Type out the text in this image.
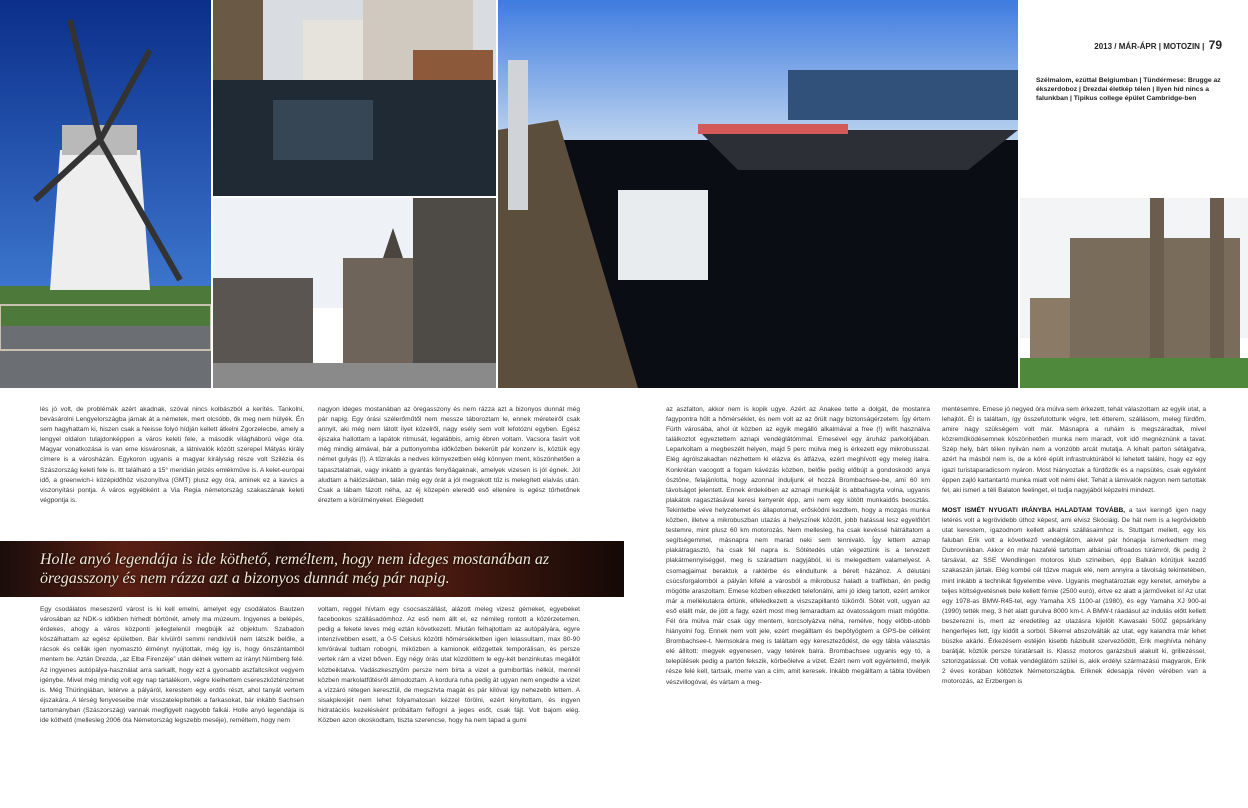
2013 / MÁR-ÁPR | MOTOZIN | 79
Szélmalom, ezúttal Belgiumban | Tündérmese: Brugge az ékszerdoboz | Drezdai életkép télen | Ilyen híd nincs a falunkban | Tipikus college épület Cambridge-ben

lés jó volt, de problémák azért akadnak, szóval nincs kolbászból a kerítés. Tankolni, bevásárolni Lengyelországba járnak át a németek, mert olcsóbb, ők meg nem hülyék. Én sem hagyhattam ki, hiszen csak a Neisse folyó hídján kellett átkelni Zgorzelecbe, amely a lengyel oldalon tulajdonképpen a város keleti fele, a második világháború vége óta. Magyar vonatkozása is van eme kisvárosnak, a látnivalók között szerepel Mátyás király címere is a városházán. Egykoron ugyanis a magyar királyság része volt Szilézia és Szászország keleti fele is. Itt található a 15° meridián jelzés emlékműve is. A kelet-európai idő, a greenwich-i középidőhöz viszonyítva (GMT) plusz egy óra, aminek ez a kavics a viszonyítási pontja. A város egyébként a Via Regia németország szakaszának keleti végpontja is.

nagyon ideges mostanában az öregasszony és nem rázza azt a bizonyos dunnát még pár napig. Egy órási szélerőműtől nem messze táboroztam le, ennek méreteiről csak annyit, aki még nem látott ilyet közelről, nagy esély sem volt lefotózni egyben. Egész éjszaka hallottam a lapátok ritmusát, legalábbis, amíg ébren voltam. Vacsora fasírt volt még mindig almával, bár a puttonyomba időközben bekerült pár konzerv is, köztük egy német gulyás (!). A tűzrakás a nedves környezetben elég könnyen ment, köszönhetően a tapasztalatnak, vagy inkább a gyantás fenyőágaknak, amelyek vizesen is jól égnek. Jól aludtam a hálózsákban, talán még egy órát a jól megrakott tűz is melegített elalvás után. Csak a lábam fázott néha, az éj közepén eleredő eső ellenére is egész tűrhetőnek éreztem a körülményeket. Elégedett

Holle anyó legendája is ide köthető, reméltem, hogy nem ideges mostanában az öregasszony és nem rázza azt a bizonyos dunnát még pár napig.

Egy csodálatos meseszerű várost is ki kell emelni, amelyet egy csodálatos Bautzen városában az NDK-s időkben hírhedt börtönét, amely ma múzeum. Ingyenes a belépés, érdekes, ahogy a város központi jellegtelenül megbújik az objektum. Szabadon kószálhattam az egész épületben. Bár kívülről semmi rendkívüli nem látszik belőle, a rácsok és cellák igen nyomasztó élményt nyújtottak, még így is, hogy önszántamból mentem be. Aztán Drezda, „az Elba Firenzéje” után délnek vettem az irányt Nürnberg felé. Az ingyenes autópálya-használat arra sarkallt, hogy ezt a gyorsabb aszfaltcsíkot vegyem igénybe. Mivel még mindig volt egy nap tartalékom, végre kielhettem csereszközténzömet is. Még Thüringiában, letérve a pályáról, kerestem egy erdős részt, ahol tanyát vertem éjszakára. A térség fenyveseibe már visszatelepítették a farkasokat, bár inkább Sachsen tartományban (Szászország) vannak megfigyelt nagyobb falkái. Holle anyó legendája is ide köthető (mellesleg 2006 óta Németország legszebb meséje), reméltem, hogy nem

voltam, reggel hívtam egy csocsaszállást, alázott meleg vizesz gémeket, egyebeket facebookos szállásadómhoz. Az eső nem állt el, ez némileg rontott a közérzetemen, pedig a fekete leves még eztán következett. Miután felhajtottam az autópályára, egyre intenzívebben esett, a 0-5 Celsius közötti hőmérsékletben igen lelassultam, max 80-90 km/órával tudtam robogni, miközben a kamionok előzgettek temporálisan, és persze vertek rám a vizet bőven. Egy négy órás utat küzdöttem le egy-két benzinkutas megállót közbeiktatva. Vadászkesztyűm persze nem bírta a vizet a gumibortlás nélkül, mennél közben markolatfűtésről álmodoztam. A kordura ruha pedig át ugyan nem engedte a vizet a vízzáró rétegen keresztül, de megszívta magát és pár kilóval így nehezebb lettem. A sisakplexijét nem lehet folyamatosan kézzel törölni, ezért kinyitottam, és ingyen hidratációs kezelésként próbáltam felfogni a jeges esőt, csak fájt. Volt bajom elég. Közben azon okoskodtam, tiszta szerencse, hogy ha nem tapad a gumi

az aszfalton, akkor nem is kopik ugye. Azért az Anakee tette a dolgát, de mostanra fagypontra hűlt a hőmérséklet, és nem volt az az őrült nagy biztonságérzetem. Így értem Fürth városába, ahol út közben az egyik megálló alkalmával a free (!) wifit használva találkoztot egyeztettem aznapi vendéglátómmal. Emesével egy áruház parkolójában. Leparkoltam a megbeszélt helyen, majd 5 perc múlva meg is érkezett egy mikrobusszal. Elég ágrólszakadtan nézhettem ki elázva és átfázva, ezért meghívott egy meleg italra. Konkrétan vacogott a fogam kávézás közben, belőle pedig előbújt a gondoskodó anya ösztöne, felajánlotta, hogy azonnal induljunk el hozzá Brombachsee-be, ami 60 km távolságot jelentett. Ennek érdekében az aznapi munkáját is abbahagyta volna, ugyanis plakátok ragasztásával keresi kenyerét épp, ami nem egy kötött munkaidős beosztás. Tekintetbe véve helyzetemet és állapotomat, erősködni kezdtem, hogy a mozgás munka közben, illetve a mikrobuszban utazás a helyszínek között, jobb hatással lesz egyelőtört testemre, mint plusz 60 km motorozás. Nem mellesleg, ha csak kevéssé hátráltatom a segítségemmel, másnapra nem marad neki sem tennivaló. Így lettem aznap plakátragasztó, ha csak fél napra is. Sötétedés után végeztünk is a tervezett plakátmennyiséggel, meg is száradtam nagyjából, ki is melegedtem valamelyest. A csomagjaimat beraktuk a raktérbe és elindultunk a bérelt házához. A délutáni csúcsforgalomból a pályán kifelé a városból a mikrobusz haladt a traffikban, én pedig mögötte araszoltam. Emese közben elkezdett telefonálni, ami jó ideig tartott, ezért amikor már a mellékutakra értünk, elfeledkezett a viszszapillantó tükörről. Sötét volt, ugyan az eső elállt már, de jött a fagy, ezért most meg lemaradtam az óvatosságom miatt mögötte. Fél óra múlva már csak úgy mentem, korcsolyázva néha, remélve, hogy előbb-utóbb hiányolni fog. Ennek nem volt jele, ezért megálltam és bepötyögtem a GPS-be célként Brombachsee-t. Nemsokára meg is találtam egy kereszteződést, de egy tábla választás elé állított: megyek egyenesen, vagy letérek balra. Brombachsee ugyanis egy tó, a települések pedig a partón fekszik, körbeölelve a vizet. Ezért nem volt egyértelmű, melyik része felé kell, tartsak, merre van a cím, amit keresek. Inkább megálltam a tábla tövében vészvillogóval, és vártam a meg-

mentésemre. Emese jó negyed óra múlva sem érkezett, tehát válaszottam az egyik utat, a lehajtót. Él is találtam, így összefutottunk végre, lett étterem, szállásom, meleg fürdőm, amire nagy szükségem volt már. Másnapra a ruháim is megszáradtak, mivel közreműködésemnek köszönhetően munka nem maradt, volt idő megnéznünk a tavat. Szép hely, bárt télen nyilván nem a vonzóbb arcát mutatja. A kihalt parton sétálgatva, azért ha másból nem is, de a köré épült infrastruktúrából ki lehetett találni, hogy ez egy igazi turistaparadicsom nyáron. Most hiányoztak a fürdőzők és a napsütés, csak egyként éppen zajló kartantartó munka miatt volt némi élet. Tehát a lámivalók nagyon nem tartottak fel, aki ismeri a téli Balaton feelinget, el tudja nagyjából képzelni mindezt.

MOST ISMÉT NYUGATI IRÁNYBA HALADTAM TOVÁBB, a tavi keringő igen nagy letérés volt a legrövidebb úthoz képest, ami elvisz Skóciáig. De hát nem is a legrövidebb utat kerestem, igazodnom kellett alkalmi szállásaimhoz is. Stuttgart mellett, egy kis faluban Erik volt a következő vendéglátóm, akivel pár hónapja ismerkedtem meg Dubrovnikban. Akkor én már hazafelé tartottam albániai offroados túrámról, ők pedig 2 társával, az SSE Wendlingen motoros klub színeiben, épp Balkán körútjuk kezdő szakaszán jártak. Elég kombé cél tűzve maguk elé, nem annyira a távolság tekintetében, mint inkább a technikát figyelembe véve. Ugyanis meghatároztak egy keretet, amelybe a teljes költségvetésnek bele kellett férnie (2500 euró), értve ez alatt a járműveket is! Az utat egy 1978-as BMW-R45-tel, egy Yamaha XS 1100-al (1980), és egy Yamaha XJ 900-al (1990) tették meg, 3 hét alatt gurulva 8000 km-t. A BMW-t ráadásul az indulás előtt kellett beszerezni is, mert az eredetileg az utazásra kijelölt Kawasaki 500Z gépsárkány hengerfejes lett, így kidőlt a sorból. Sikerrel abszolválták az utat, egy kalandra már lehet büszke akárki. Érkezésem estéjén kisebb házibulit szervezödött, Erik meghívta néhány barátját, köztük persze túratársait is. Klassz motoros garázsbuli alakult ki, grillezéssel, sztorizgatással. Ott voltak vendéglátóm szülei is, akik erdélyi származású magyarok, Erik 2 éves korában költöztek Németországba. Eriknek édesapja révén vérében van a motorozás, az Erzbergen is
